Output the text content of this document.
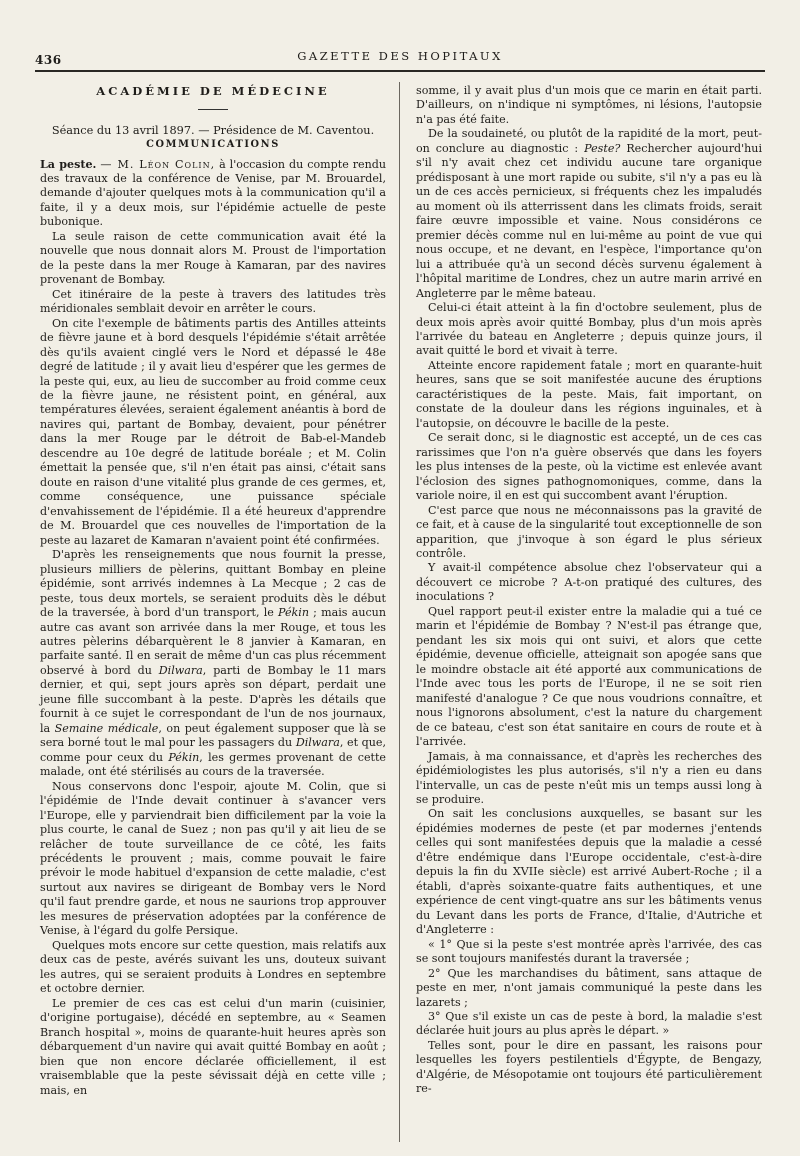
436	GAZETTE DES HOPITAUX
ACADÉMIE DE MÉDECINE

Séance du 13 avril 1897. — Présidence de M. Caventou.

COMMUNICATIONS

La peste. — M. Léon Colin, à l'occasion du compte rendu des travaux de la conférence de Venise, par M. Brouardel, demande d'ajouter quelques mots à la communication qu'il a faite, il y a deux mois, sur l'épidémie actuelle de peste bubonique.

La seule raison de cette communication avait été la nouvelle que nous donnait alors M. Proust de l'importation de la peste dans la mer Rouge à Kamaran, par des navires provenant de Bombay.

Cet itinéraire de la peste à travers des latitudes très méridionales semblait devoir en arrêter le cours.

On cite l'exemple de bâtiments partis des Antilles atteints de fièvre jaune et à bord desquels l'épidémie s'était arrêtée dès qu'ils avaient cinglé vers le Nord et dépassé le 48e degré de latitude ; il y avait lieu d'espérer que les germes de la peste qui, eux, au lieu de succomber au froid comme ceux de la fièvre jaune, ne résistent point, en général, aux températures élevées, seraient également anéantis à bord de navires qui, partant de Bombay, devaient, pour pénétrer dans la mer Rouge par le détroit de Bab-el-Mandeb descendre au 10e degré de latitude boréale ; et M. Colin émettait la pensée que, s'il n'en était pas ainsi, c'était sans doute en raison d'une vitalité plus grande de ces germes, et, comme conséquence, une puissance spéciale d'envahissement de l'épidémie. Il a été heureux d'apprendre de M. Brouardel que ces nouvelles de l'importation de la peste au lazaret de Kamaran n'avaient point été confirmées.

D'après les renseignements que nous fournit la presse, plusieurs milliers de pèlerins, quittant Bombay en pleine épidémie, sont arrivés indemnes à La Mecque ; 2 cas de peste, tous deux mortels, se seraient produits dès le début de la traversée, à bord d'un transport, le Pékin ; mais aucun autre cas avant son arrivée dans la mer Rouge, et tous les autres pèlerins débarquèrent le 8 janvier à Kamaran, en parfaite santé. Il en serait de même d'un cas plus récemment observé à bord du Dilwara, parti de Bombay le 11 mars dernier, et qui, sept jours après son départ, perdait une jeune fille succombant à la peste. D'après les détails que fournit à ce sujet le correspondant de l'un de nos journaux, la Semaine médicale, on peut également supposer que là se sera borné tout le mal pour les passagers du Dilwara, et que, comme pour ceux du Pékin, les germes provenant de cette malade, ont été stérilisés au cours de la traversée.

Nous conservons donc l'espoir, ajoute M. Colin, que si l'épidémie de l'Inde devait continuer à s'avancer vers l'Europe, elle y parviendrait bien difficilement par la voie la plus courte, le canal de Suez ; non pas qu'il y ait lieu de se relâcher de toute surveillance de ce côté, les faits précédents le prouvent ; mais, comme pouvait le faire prévoir le mode habituel d'expansion de cette maladie, c'est surtout aux navires se dirigeant de Bombay vers le Nord qu'il faut prendre garde, et nous ne saurions trop approuver les mesures de préservation adoptées par la conférence de Venise, à l'égard du golfe Persique.

Quelques mots encore sur cette question, mais relatifs aux deux cas de peste, avérés suivant les uns, douteux suivant les autres, qui se seraient produits à Londres en septembre et octobre dernier.

Le premier de ces cas est celui d'un marin (cuisinier, d'origine portugaise), décédé en septembre, au « Seamen Branch hospital », moins de quarante-huit heures après son débarquement d'un navire qui avait quitté Bombay en août ; bien que non encore déclarée officiellement, il est vraisemblable que la peste sévissait déjà en cette ville ; mais, en

somme, il y avait plus d'un mois que ce marin en était parti. D'ailleurs, on n'indique ni symptômes, ni lésions, l'autopsie n'a pas été faite.

De la soudaineté, ou plutôt de la rapidité de la mort, peut-on conclure au diagnostic : Peste? Rechercher aujourd'hui s'il n'y avait chez cet individu aucune tare organique prédisposant à une mort rapide ou subite, s'il n'y a pas eu là un de ces accès pernicieux, si fréquents chez les impaludés au moment où ils atterrissent dans les climats froids, serait faire œuvre impossible et vaine. Nous considérons ce premier décès comme nul en lui-même au point de vue qui nous occupe, et ne devant, en l'espèce, l'importance qu'on lui a attribuée qu'à un second décès survenu également à l'hôpital maritime de Londres, chez un autre marin arrivé en Angleterre par le même bateau.

Celui-ci était atteint à la fin d'octobre seulement, plus de deux mois après avoir quitté Bombay, plus d'un mois après l'arrivée du bateau en Angleterre ; depuis quinze jours, il avait quitté le bord et vivait à terre.

Atteinte encore rapidement fatale ; mort en quarante-huit heures, sans que se soit manifestée aucune des éruptions caractéristiques de la peste. Mais, fait important, on constate de la douleur dans les régions inguinales, et à l'autopsie, on découvre le bacille de la peste.

Ce serait donc, si le diagnostic est accepté, un de ces cas rarissimes que l'on n'a guère observés que dans les foyers les plus intenses de la peste, où la victime est enlevée avant l'éclosion des signes pathognomoniques, comme, dans la variole noire, il en est qui succombent avant l'éruption.

C'est parce que nous ne méconnaissons pas la gravité de ce fait, et à cause de la singularité tout exceptionnelle de son apparition, que j'invoque à son égard le plus sérieux contrôle.

Y avait-il compétence absolue chez l'observateur qui a découvert ce microbe ? A-t-on pratiqué des cultures, des inoculations ?

Quel rapport peut-il exister entre la maladie qui a tué ce marin et l'épidémie de Bombay ? N'est-il pas étrange que, pendant les six mois qui ont suivi, et alors que cette épidémie, devenue officielle, atteignait son apogée sans que le moindre obstacle ait été apporté aux communications de l'Inde avec tous les ports de l'Europe, il ne se soit rien manifesté d'analogue ? Ce que nous voudrions connaître, et nous l'ignorons absolument, c'est la nature du chargement de ce bateau, c'est son état sanitaire en cours de route et à l'arrivée.

Jamais, à ma connaissance, et d'après les recherches des épidémiologistes les plus autorisés, s'il n'y a rien eu dans l'intervalle, un cas de peste n'eût mis un temps aussi long à se produire.

On sait les conclusions auxquelles, se basant sur les épidémies modernes de peste (et par modernes j'entends celles qui sont manifestées depuis que la maladie a cessé d'être endémique dans l'Europe occidentale, c'est-à-dire depuis la fin du XVIIe siècle) est arrivé Aubert-Roche ; il a établi, d'après soixante-quatre faits authentiques, et une expérience de cent vingt-quatre ans sur les bâtiments venus du Levant dans les ports de France, d'Italie, d'Autriche et d'Angleterre :

« 1° Que si la peste s'est montrée après l'arrivée, des cas se sont toujours manifestés durant la traversée ;

2° Que les marchandises du bâtiment, sans attaque de peste en mer, n'ont jamais communiqué la peste dans les lazarets ;

3° Que s'il existe un cas de peste à bord, la maladie s'est déclarée huit jours au plus après le départ. »

Telles sont, pour le dire en passant, les raisons pour lesquelles les foyers pestilentiels d'Égypte, de Bengazy, d'Algérie, de Mésopotamie ont toujours été particulièrement re-
